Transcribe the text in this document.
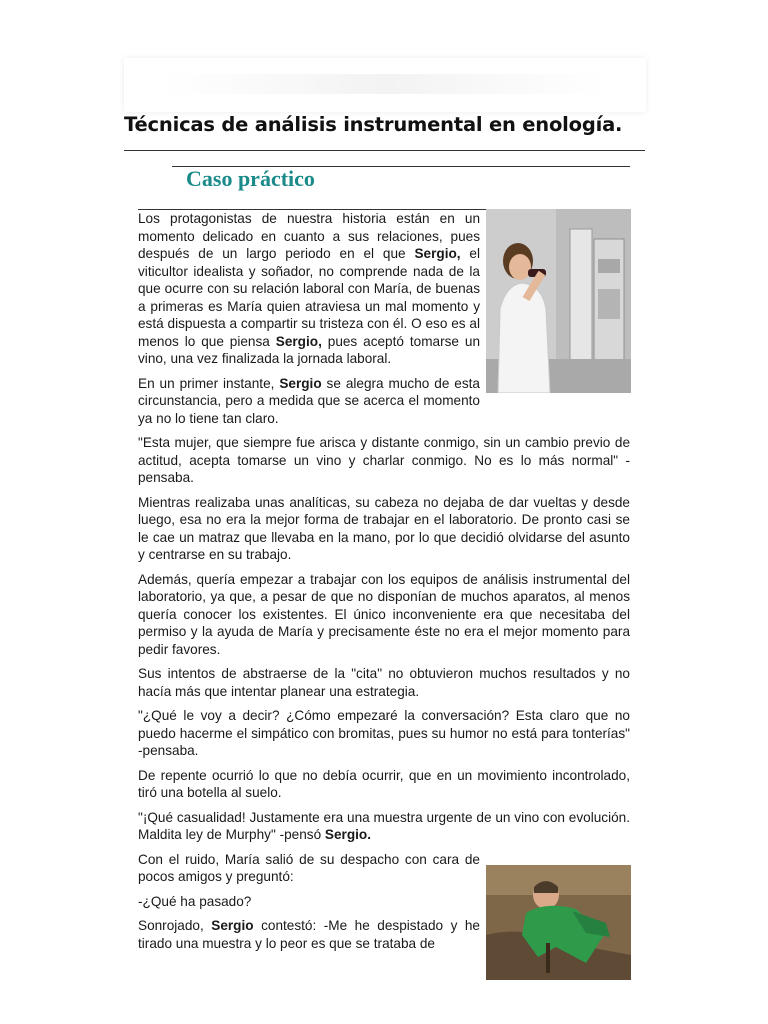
Técnicas de análisis instrumental en enología.
Caso práctico

Los protagonistas de nuestra historia están en un momento delicado en cuanto a sus relaciones, pues después de un largo periodo en el que Sergio, el viticultor idealista y soñador, no comprende nada de la que ocurre con su relación laboral con María, de buenas a primeras es María quien atraviesa un mal momento y está dispuesta a compartir su tristeza con él. O eso es al menos lo que piensa Sergio, pues aceptó tomarse un vino, una vez finalizada la jornada laboral.

En un primer instante, Sergio se alegra mucho de esta circunstancia, pero a medida que se acerca el momento ya no lo tiene tan claro.

"Esta mujer, que siempre fue arisca y distante conmigo, sin un cambio previo de actitud, acepta tomarse un vino y charlar conmigo. No es lo más normal" -pensaba.

Mientras realizaba unas analíticas, su cabeza no dejaba de dar vueltas y desde luego, esa no era la mejor forma de trabajar en el laboratorio. De pronto casi se le cae un matraz que llevaba en la mano, por lo que decidió olvidarse del asunto y centrarse en su trabajo.

Además, quería empezar a trabajar con los equipos de análisis instrumental del laboratorio, ya que, a pesar de que no disponían de muchos aparatos, al menos quería conocer los existentes. El único inconveniente era que necesitaba del permiso y la ayuda de María y precisamente éste no era el mejor momento para pedir favores.

Sus intentos de abstraerse de la "cita" no obtuvieron muchos resultados y no hacía más que intentar planear una estrategia.

"¿Qué le voy a decir? ¿Cómo empezaré la conversación? Esta claro que no puedo hacerme el simpático con bromitas, pues su humor no está para tonterías" -pensaba.

De repente ocurrió lo que no debía ocurrir, que en un movimiento incontrolado, tiró una botella al suelo.

"¡Qué casualidad! Justamente era una muestra urgente de un vino con evolución. Maldita ley de Murphy" -pensó Sergio.

Con el ruido, María salió de su despacho con cara de pocos amigos y preguntó:

-¿Qué ha pasado?

Sonrojado, Sergio contestó: -Me he despistado y he tirado una muestra y lo peor es que se trataba de
